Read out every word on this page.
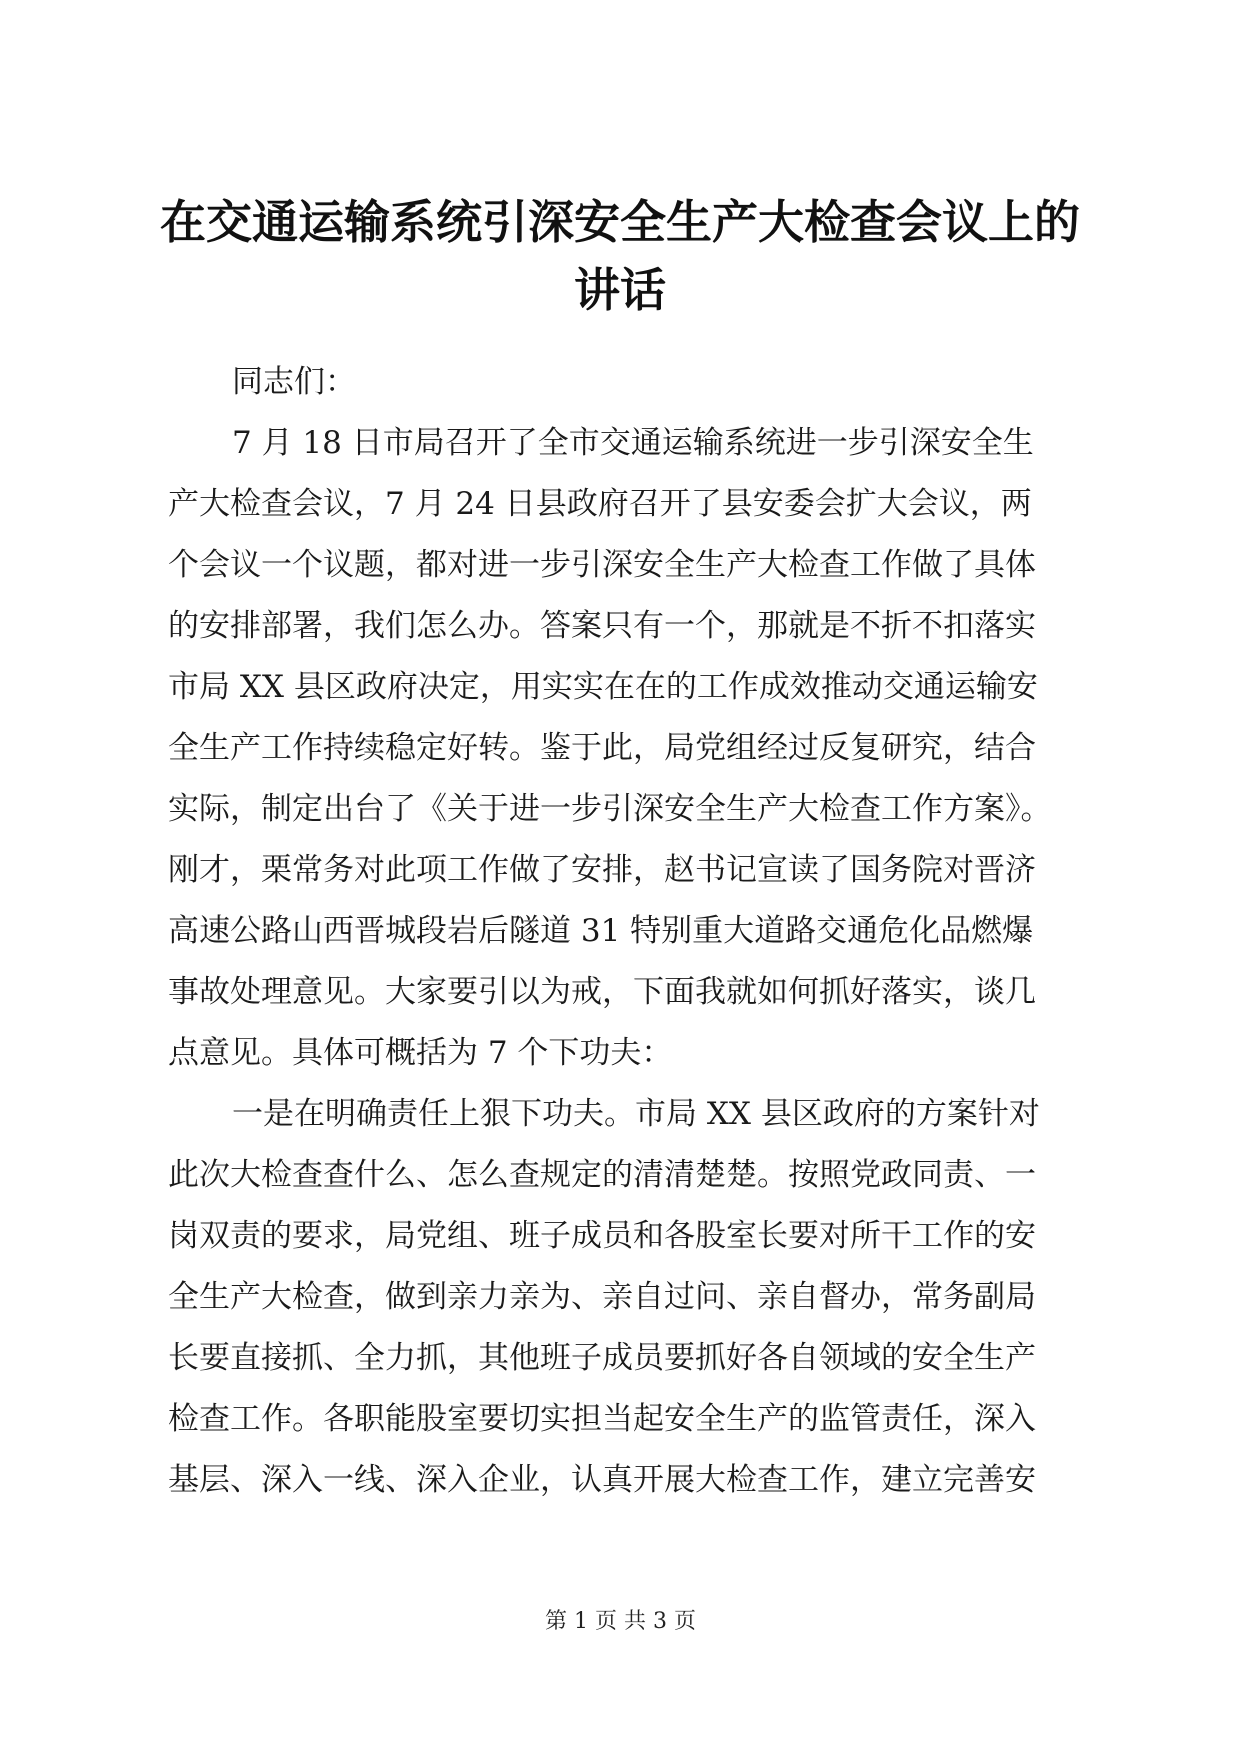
在交通运输系统引深安全生产大检查会议上的
讲话
同志们：
7 月 18 日市局召开了全市交通运输系统进一步引深安全生
产大检查会议，7 月 24 日县政府召开了县安委会扩大会议，两
个会议一个议题，都对进一步引深安全生产大检查工作做了具体
的安排部署，我们怎么办。答案只有一个，那就是不折不扣落实
市局 XX 县区政府决定，用实实在在的工作成效推动交通运输安
全生产工作持续稳定好转。鉴于此，局党组经过反复研究，结合
实际，制定出台了《关于进一步引深安全生产大检查工作方案》。
刚才，栗常务对此项工作做了安排，赵书记宣读了国务院对晋济
高速公路山西晋城段岩后隧道 31 特别重大道路交通危化品燃爆
事故处理意见。大家要引以为戒，下面我就如何抓好落实，谈几
点意见。具体可概括为 7 个下功夫：
一是在明确责任上狠下功夫。市局 XX 县区政府的方案针对
此次大检查查什么、怎么查规定的清清楚楚。按照党政同责、一
岗双责的要求，局党组、班子成员和各股室长要对所干工作的安
全生产大检查，做到亲力亲为、亲自过问、亲自督办，常务副局
长要直接抓、全力抓，其他班子成员要抓好各自领域的安全生产
检查工作。各职能股室要切实担当起安全生产的监管责任，深入
基层、深入一线、深入企业，认真开展大检查工作，建立完善安
第 1 页 共 3 页
